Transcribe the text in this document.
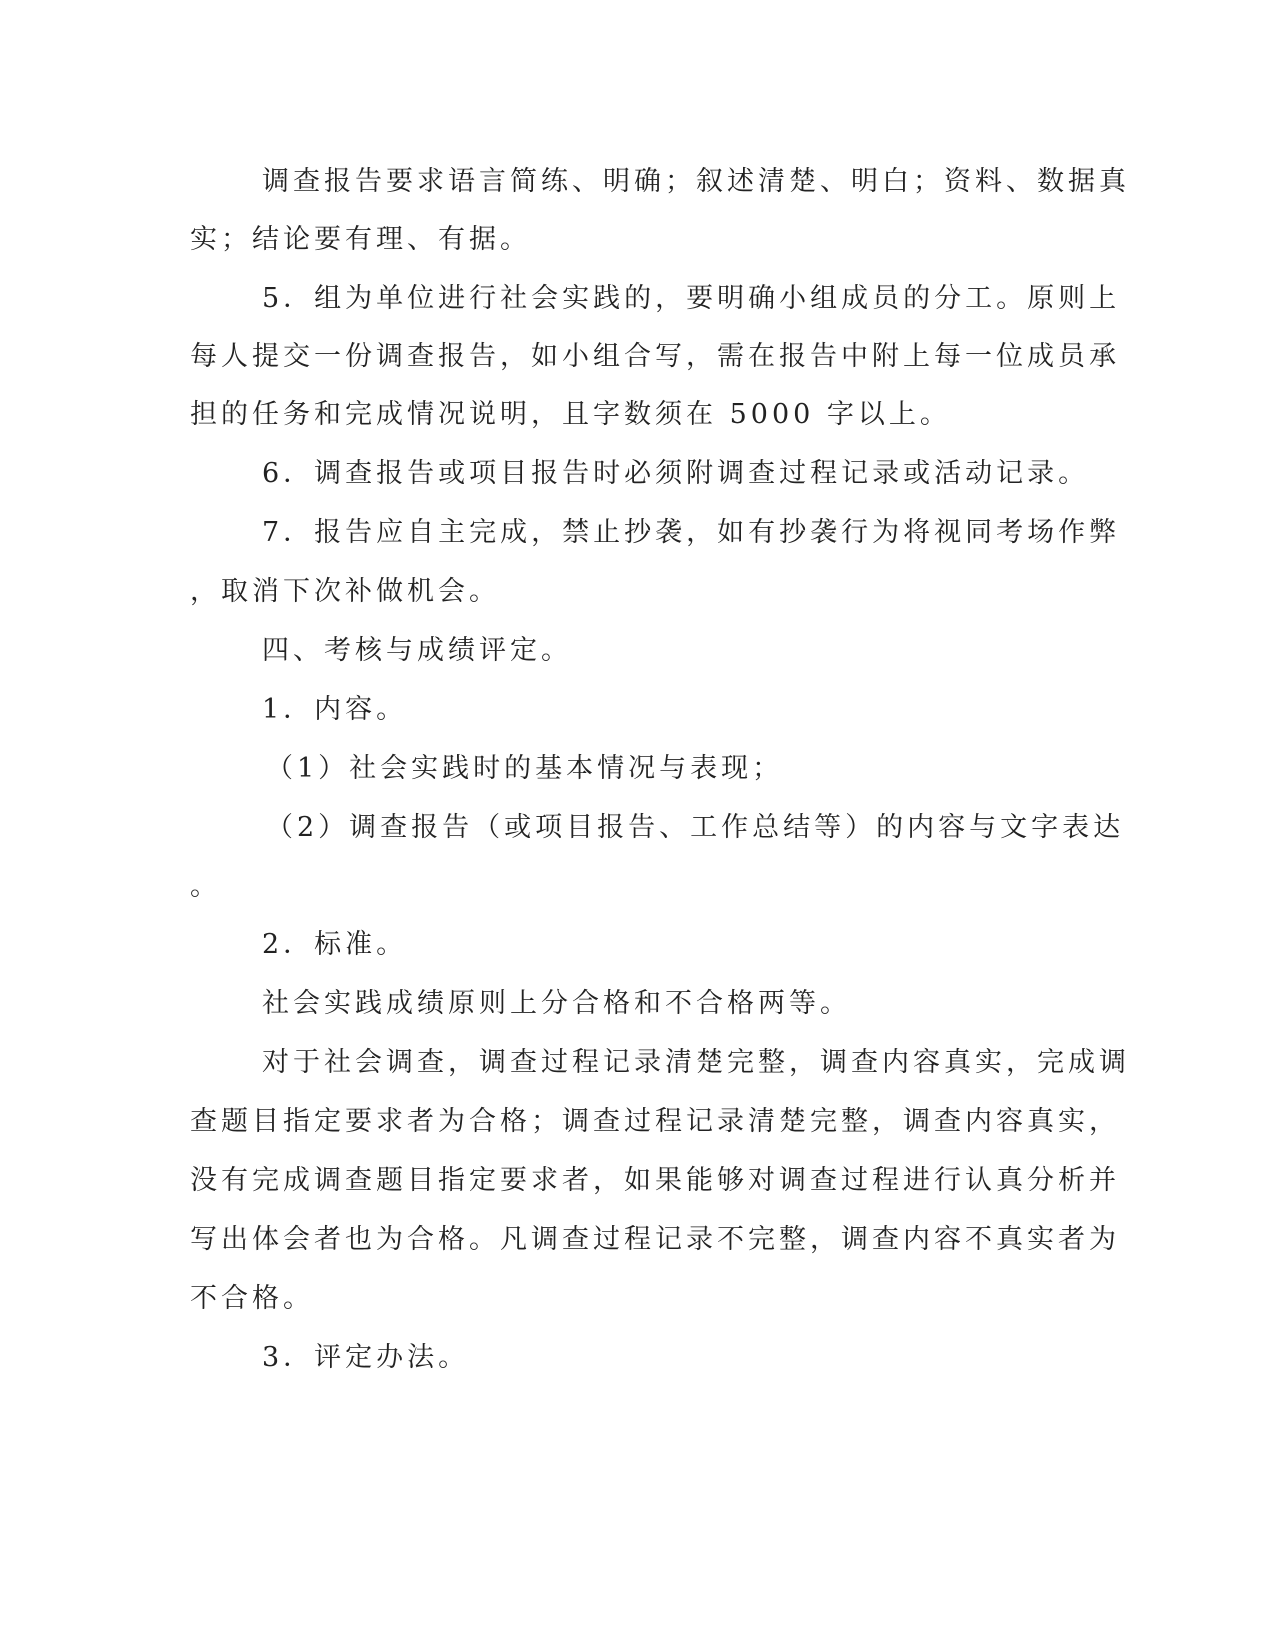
调查报告要求语言简练、明确；叙述清楚、明白；资料、数据真
实；结论要有理、有据。
5．组为单位进行社会实践的，要明确小组成员的分工。原则上
每人提交一份调查报告，如小组合写，需在报告中附上每一位成员承
担的任务和完成情况说明，且字数须在 5000 字以上。
6．调查报告或项目报告时必须附调查过程记录或活动记录。
7．报告应自主完成，禁止抄袭，如有抄袭行为将视同考场作弊
，取消下次补做机会。
四、考核与成绩评定。
1．内容。
（1）社会实践时的基本情况与表现；
（2）调查报告（或项目报告、工作总结等）的内容与文字表达
。
2．标准。
社会实践成绩原则上分合格和不合格两等。
对于社会调查，调查过程记录清楚完整，调查内容真实，完成调
查题目指定要求者为合格；调查过程记录清楚完整，调查内容真实，
没有完成调查题目指定要求者，如果能够对调查过程进行认真分析并
写出体会者也为合格。凡调查过程记录不完整，调查内容不真实者为
不合格。
3．评定办法。
